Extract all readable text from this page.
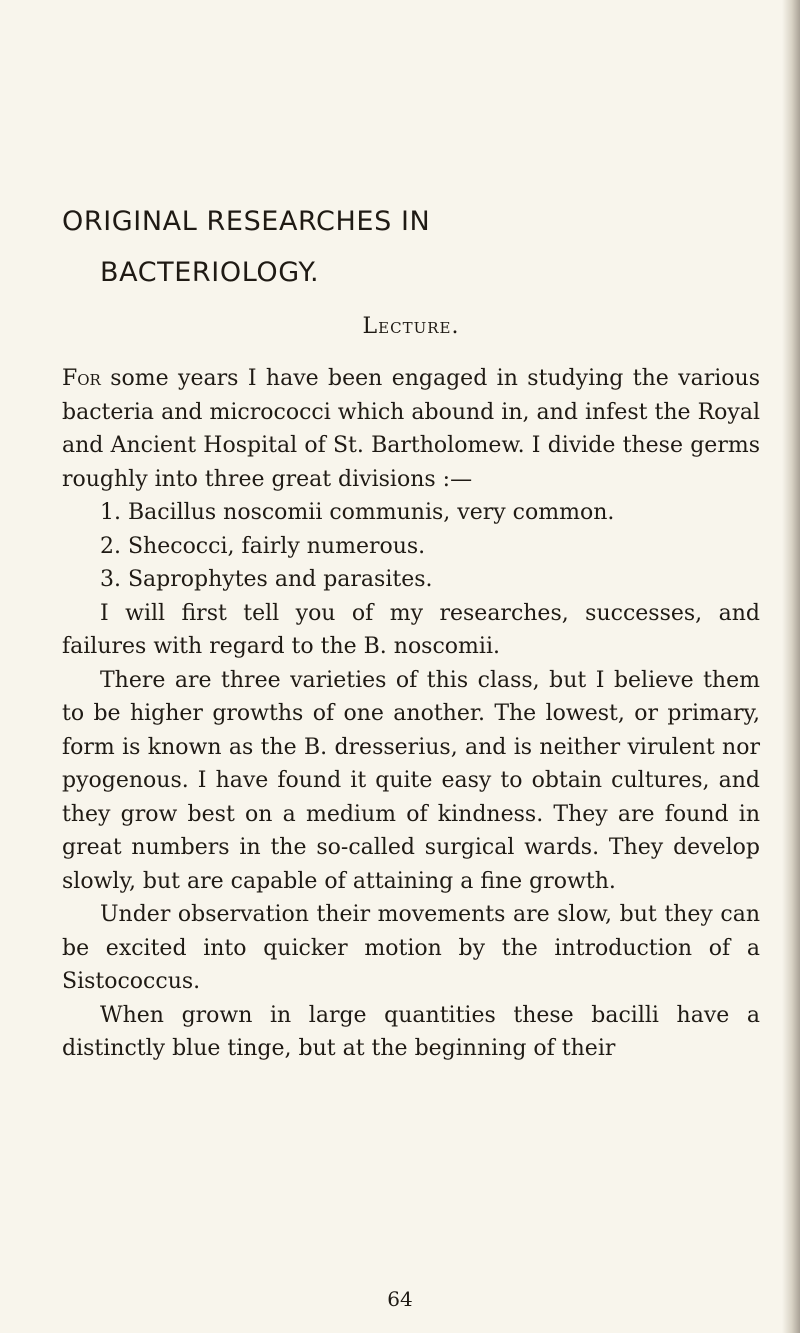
ORIGINAL RESEARCHES IN
BACTERIOLOGY.
Lecture.

For some years I have been engaged in studying the various bacteria and micrococci which abound in, and infest the Royal and Ancient Hospital of St. Bartholomew. I divide these germs roughly into three great divisions :—

1. Bacillus noscomii communis, very common.
2. Shecocci, fairly numerous.
3. Saprophytes and parasites.

I will first tell you of my researches, successes, and failures with regard to the B. noscomii.

There are three varieties of this class, but I believe them to be higher growths of one another. The lowest, or primary, form is known as the B. dresserius, and is neither virulent nor pyogenous. I have found it quite easy to obtain cultures, and they grow best on a medium of kindness. They are found in great numbers in the so-called surgical wards. They develop slowly, but are capable of attaining a fine growth.

Under observation their movements are slow, but they can be excited into quicker motion by the introduction of a Sistococcus.

When grown in large quantities these bacilli have a distinctly blue tinge, but at the beginning of their

64
